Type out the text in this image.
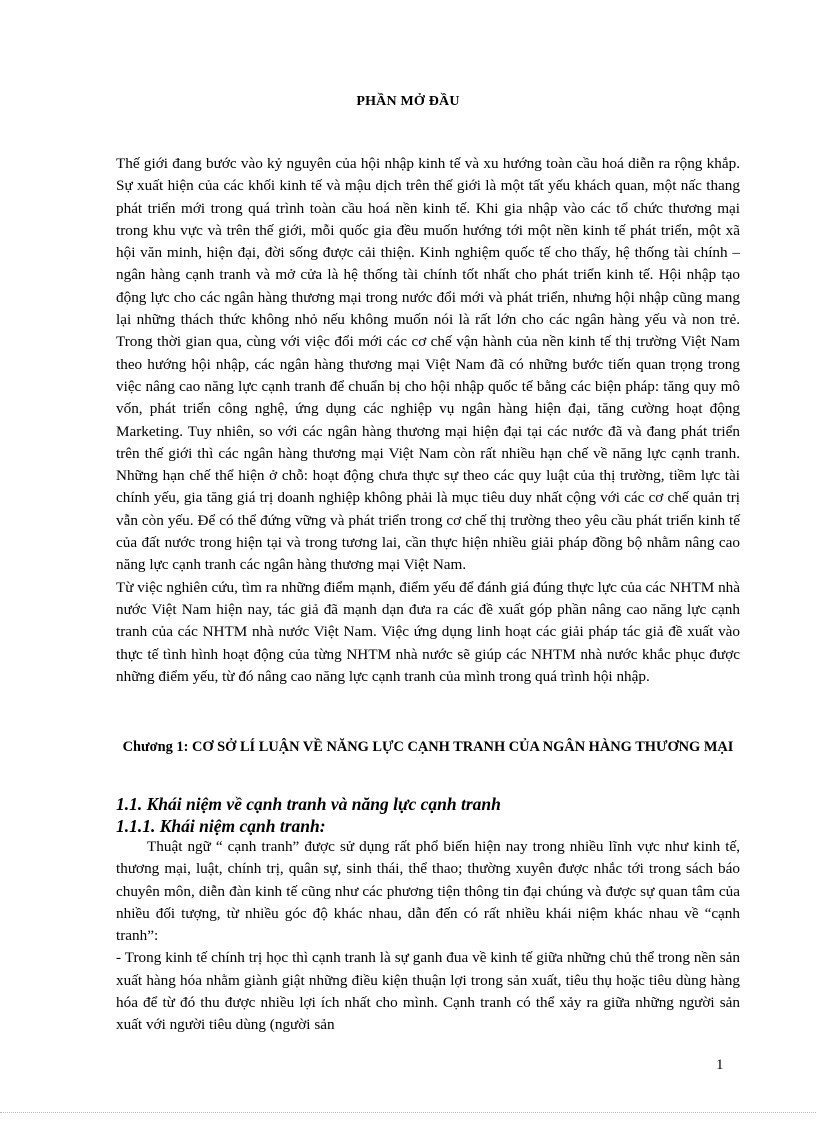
PHẦN MỞ ĐẦU

Thế giới đang bước vào kỷ nguyên của hội nhập kinh tế và xu hướng toàn cầu hoá diễn ra rộng khắp. Sự xuất hiện của các khối kinh tế và mậu dịch trên thế giới là một tất yếu khách quan, một nấc thang phát triển mới trong quá trình toàn cầu hoá nền kinh tế. Khi gia nhập vào các tổ chức thương mại trong khu vực và trên thế giới, mỗi quốc gia đều muốn hướng tới một nền kinh tế phát triển, một xã hội văn minh, hiện đại, đời sống được cải thiện. Kinh nghiệm quốc tế cho thấy, hệ thống tài chính – ngân hàng cạnh tranh và mở cửa là hệ thống tài chính tốt nhất cho phát triển kinh tế. Hội nhập tạo động lực cho các ngân hàng thương mại trong nước đổi mới và phát triển, nhưng hội nhập cũng mang lại những thách thức không nhỏ nếu không muốn nói là rất lớn cho các ngân hàng yếu và non trẻ. Trong thời gian qua, cùng với việc đổi mới các cơ chế vận hành của nền kinh tế thị trường Việt Nam theo hướng hội nhập, các ngân hàng thương mại Việt Nam đã có những bước tiến quan trọng trong việc nâng cao năng lực cạnh tranh để chuẩn bị cho hội nhập quốc tế bằng các biện pháp: tăng quy mô vốn, phát triển công nghệ, ứng dụng các nghiệp vụ ngân hàng hiện đại, tăng cường hoạt động Marketing. Tuy nhiên, so với các ngân hàng thương mại hiện đại tại các nước đã và đang phát triển trên thế giới thì các ngân hàng thương mại Việt Nam còn rất nhiều hạn chế về năng lực cạnh tranh. Những hạn chế thể hiện ở chỗ: hoạt động chưa thực sự theo các quy luật của thị trường, tiềm lực tài chính yếu, gia tăng giá trị doanh nghiệp không phải là mục tiêu duy nhất cộng với các cơ chế quản trị vẫn còn yếu. Để có thể đứng vững và phát triển trong cơ chế thị trường theo yêu cầu phát triển kinh tế của đất nước trong hiện tại và trong tương lai, cần thực hiện nhiều giải pháp đồng bộ nhằm nâng cao năng lực cạnh tranh các ngân hàng thương mại Việt Nam.

Từ việc nghiên cứu, tìm ra những điểm mạnh, điểm yếu để đánh giá đúng thực lực của các NHTM nhà nước Việt Nam hiện nay, tác giả đã mạnh dạn đưa ra các đề xuất góp phần nâng cao năng lực cạnh tranh của các NHTM nhà nước Việt Nam. Việc ứng dụng linh hoạt các giải pháp tác giả đề xuất vào thực tế tình hình hoạt động của từng NHTM nhà nước sẽ giúp các NHTM nhà nước khắc phục được những điểm yếu, từ đó nâng cao năng lực cạnh tranh của mình trong quá trình hội nhập.

Chương 1: CƠ SỞ LÍ LUẬN VỀ NĂNG LỰC CẠNH TRANH CỦA NGÂN HÀNG THƯƠNG MẠI
1.1. Khái niệm về cạnh tranh và năng lực cạnh tranh
1.1.1. Khái niệm cạnh tranh:

Thuật ngữ “ cạnh tranh” được sử dụng rất phổ biến hiện nay trong nhiều lĩnh vực như kinh tế, thương mại, luật, chính trị, quân sự, sinh thái, thể thao; thường xuyên được nhắc tới trong sách báo chuyên môn, diễn đàn kinh tế cũng như các phương tiện thông tin đại chúng và được sự quan tâm của nhiều đối tượng, từ nhiều góc độ khác nhau, dẫn đến có rất nhiều khái niệm khác nhau về “cạnh tranh”:

- Trong kinh tế chính trị học thì cạnh tranh là sự ganh đua về kinh tế giữa những chủ thể trong nền sản xuất hàng hóa nhằm giành giật những điều kiện thuận lợi trong sản xuất, tiêu thụ hoặc tiêu dùng hàng hóa để từ đó thu được nhiều lợi ích nhất cho mình. Cạnh tranh có thể xảy ra giữa những người sản xuất với người tiêu dùng (người sản

1
